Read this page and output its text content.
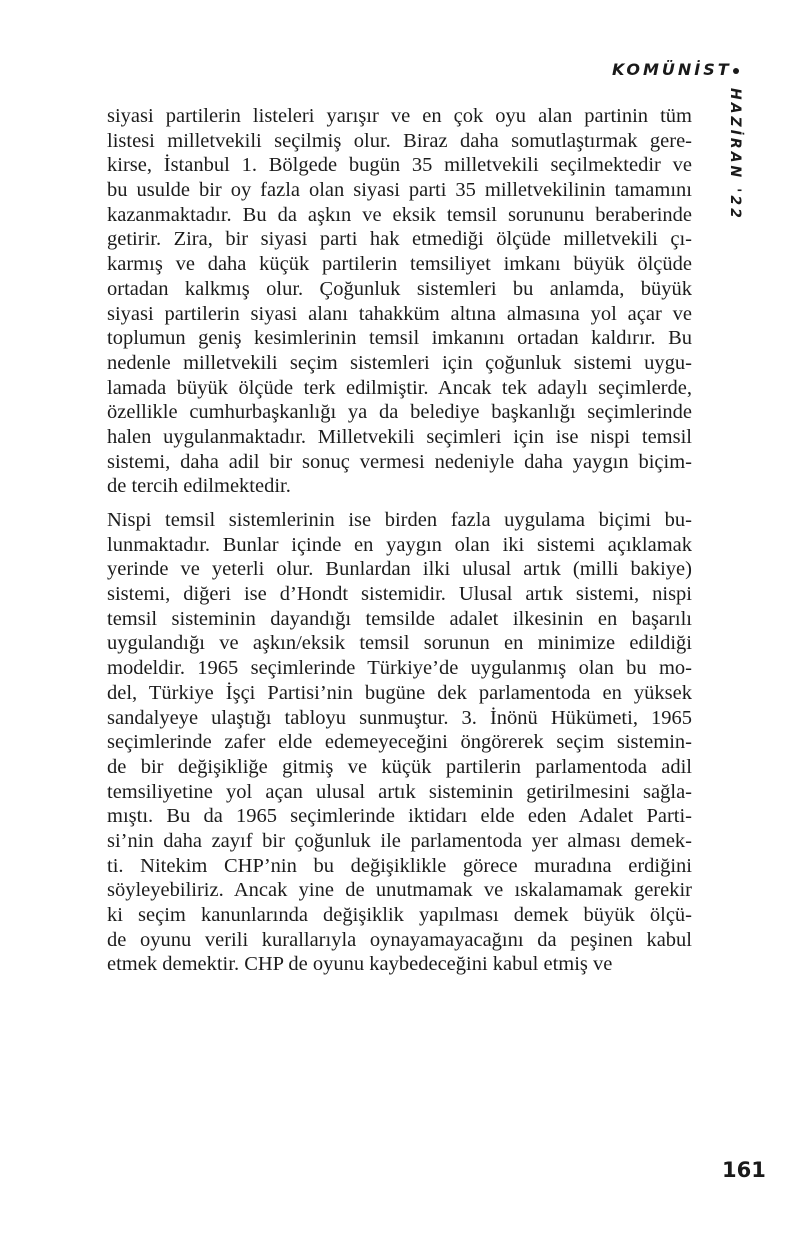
KOMÜNİST
HAZİRAN '22
siyasi partilerin listeleri yarışır ve en çok oyu alan partinin tüm
listesi milletvekili seçilmiş olur. Biraz daha somutlaştırmak gere-
kirse, İstanbul 1. Bölgede bugün 35 milletvekili seçilmektedir ve
bu usulde bir oy fazla olan siyasi parti 35 milletvekilinin tamamını
kazanmaktadır. Bu da aşkın ve eksik temsil sorununu beraberinde
getirir. Zira, bir siyasi parti hak etmediği ölçüde milletvekili çı-
karmış ve daha küçük partilerin temsiliyet imkanı büyük ölçüde
ortadan kalkmış olur. Çoğunluk sistemleri bu anlamda, büyük
siyasi partilerin siyasi alanı tahakküm altına almasına yol açar ve
toplumun geniş kesimlerinin temsil imkanını ortadan kaldırır. Bu
nedenle milletvekili seçim sistemleri için çoğunluk sistemi uygu-
lamada büyük ölçüde terk edilmiştir. Ancak tek adaylı seçimlerde,
özellikle cumhurbaşkanlığı ya da belediye başkanlığı seçimlerinde
halen uygulanmaktadır. Milletvekili seçimleri için ise nispi temsil
sistemi, daha adil bir sonuç vermesi nedeniyle daha yaygın biçim-
de tercih edilmektedir.
Nispi temsil sistemlerinin ise birden fazla uygulama biçimi bu-
lunmaktadır. Bunlar içinde en yaygın olan iki sistemi açıklamak
yerinde ve yeterli olur. Bunlardan ilki ulusal artık (milli bakiye)
sistemi, diğeri ise d’Hondt sistemidir. Ulusal artık sistemi, nispi
temsil sisteminin dayandığı temsilde adalet ilkesinin en başarılı
uygulandığı ve aşkın/eksik temsil sorunun en minimize edildiği
modeldir. 1965 seçimlerinde Türkiye’de uygulanmış olan bu mo-
del, Türkiye İşçi Partisi’nin bugüne dek parlamentoda en yüksek
sandalyeye ulaştığı tabloyu sunmuştur. 3. İnönü Hükümeti, 1965
seçimlerinde zafer elde edemeyeceğini öngörerek seçim sistemin-
de bir değişikliğe gitmiş ve küçük partilerin parlamentoda adil
temsiliyetine yol açan ulusal artık sisteminin getirilmesini sağla-
mıştı. Bu da 1965 seçimlerinde iktidarı elde eden Adalet Parti-
si’nin daha zayıf bir çoğunluk ile parlamentoda yer alması demek-
ti. Nitekim CHP’nin bu değişiklikle görece muradına erdiğini
söyleyebiliriz. Ancak yine de unutmamak ve ıskalamamak gerekir
ki seçim kanunlarında değişiklik yapılması demek büyük ölçü-
de oyunu verili kurallarıyla oynayamayacağını da peşinen kabul
etmek demektir. CHP de oyunu kaybedeceğini kabul etmiş ve
161
